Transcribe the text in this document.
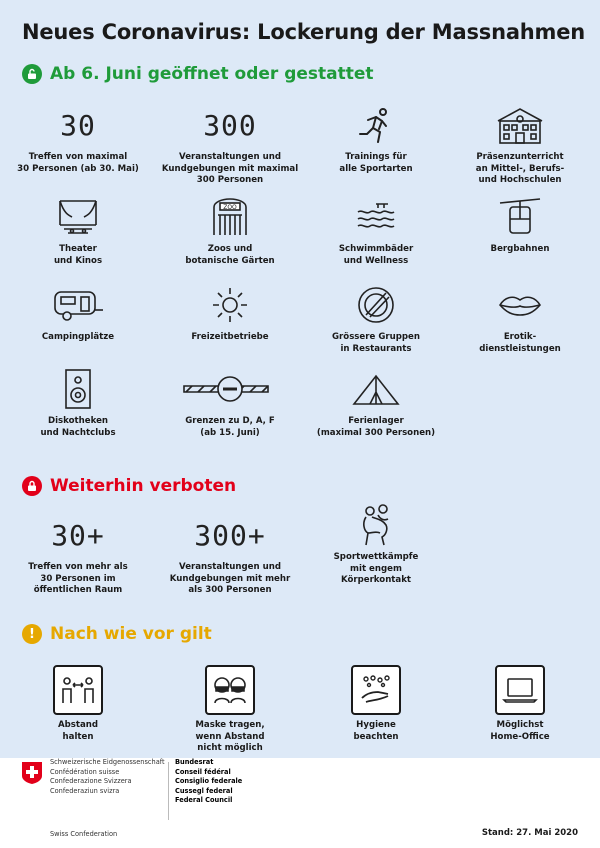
Neues Coronavirus: Lockerung der Massnahmen
Ab 6. Juni geöffnet oder gestattet
30
Treffen von maximal
30 Personen (ab 30. Mai)
300
Veranstaltungen und
Kundgebungen mit maximal
300 Personen
Trainings für
alle Sportarten
Präsenzunterricht
an Mittel-, Berufs-
und Hochschulen
Theater
und Kinos
ZOO
Zoos und
botanische Gärten
Schwimmbäder
und Wellness
Bergbahnen
Campingplätze	Freizeitbetriebe	Grössere Gruppen
in Restaurants
Erotik-
dienstleistungen
Diskotheken
und Nachtclubs
Grenzen zu D, A, F
(ab 15. Juni)
Ferienlager
(maximal 300 Personen)
Weiterhin verboten
30+
Treffen von mehr als
30 Personen im
öffentlichen Raum
300+
Veranstaltungen und
Kundgebungen mit mehr
als 300 Personen
Sportwettkämpfe
mit engem
Körperkontakt
! Nach wie vor gilt
Abstand
halten
Maske tragen,
wenn Abstand
nicht möglich
Hygiene
beachten
Möglichst
Home-Office
Schweizerische Eidgenossenschaft
Confédération suisse
Confederazione Svizzera
Confederaziun svizra
Bundesrat
Conseil fédéral
Consiglio federale
Cussegl federal
Federal Council
Swiss Confederation	Stand: 27. Mai 2020
